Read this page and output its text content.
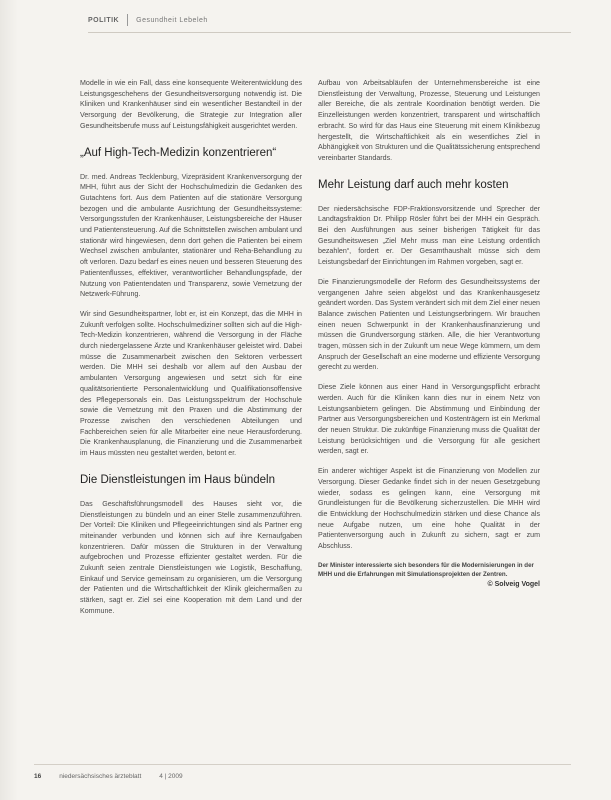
POLITIK Gesundheit Lebeleh

Modelle in wie ein Fall, dass eine konsequente Weiterentwicklung des Leistungsgeschehens der Gesundheitsversorgung notwendig ist. Die Kliniken und Krankenhäuser sind ein wesentlicher Bestandteil in der Versorgung der Bevölkerung, die Strategie zur Integration aller Gesundheitsberufe muss auf Leistungsfähigkeit ausgerichtet werden.

„Auf High-Tech-Medizin konzentrieren“

Dr. med. Andreas Tecklenburg, Vizepräsident Krankenversorgung der MHH, führt aus der Sicht der Hochschulmedizin die Gedanken des Gutachtens fort. Aus dem Patienten auf die stationäre Versorgung bezogen und die ambulante Ausrichtung der Gesundheitssysteme: Versorgungsstufen der Krankenhäuser, Leistungsbereiche der Häuser und Patientensteuerung. Auf die Schnittstellen zwischen ambulant und stationär wird hingewiesen, denn dort gehen die Patienten bei einem Wechsel zwischen ambulanter, stationärer und Reha-Behandlung zu oft verloren. Dazu bedarf es eines neuen und besseren Steuerung des Patientenflusses, effektiver, verantwortlicher Behandlungspfade, der Nutzung von Patientendaten und Transparenz, sowie Vernetzung der Netzwerk-Führung.

Wir sind Gesundheitspartner, lobt er, ist ein Konzept, das die MHH in Zukunft verfolgen sollte. Hochschulmediziner sollten sich auf die High-Tech-Medizin konzentrieren, während die Versorgung in der Fläche durch niedergelassene Ärzte und Krankenhäuser geleistet wird. Dabei müsse die Zusammenarbeit zwischen den Sektoren verbessert werden. Die MHH sei deshalb vor allem auf den Ausbau der ambulanten Versorgung angewiesen und setzt sich für eine qualitätsorientierte Personalentwicklung und Qualifikationsoffensive des Pflegepersonals ein. Das Leistungsspektrum der Hochschule sowie die Vernetzung mit den Praxen und die Abstimmung der Prozesse zwischen den verschiedenen Abteilungen und Fachbereichen seien für alle Mitarbeiter eine neue Herausforderung. Die Krankenhausplanung, die Finanzierung und die Zusammenarbeit im Haus müssten neu gestaltet werden, betont er.

Die Dienstleistungen im Haus bündeln

Das Geschäftsführungsmodell des Hauses sieht vor, die Dienstleistungen zu bündeln und an einer Stelle zusammenzuführen. Der Vorteil: Die Kliniken und Pflegeeinrichtungen sind als Partner eng miteinander verbunden und können sich auf ihre Kernaufgaben konzentrieren. Dafür müssen die Strukturen in der Verwaltung aufgebrochen und Prozesse effizienter gestaltet werden. Für die Zukunft seien zentrale Dienstleistungen wie Logistik, Beschaffung, Einkauf und Service gemeinsam zu organisieren, um die Versorgung der Patienten und die Wirtschaftlichkeit der Klinik gleichermaßen zu stärken, sagt er. Ziel sei eine Kooperation mit dem Land und der Kommune.

Aufbau von Arbeitsabläufen der Unternehmensbereiche ist eine Dienstleistung der Verwaltung, Prozesse, Steuerung und Leistungen aller Bereiche, die als zentrale Koordination benötigt werden. Die Einzelleistungen werden konzentriert, transparent und wirtschaftlich erbracht. So wird für das Haus eine Steuerung mit einem Klinikbezug hergestellt, die Wirtschaftlichkeit als ein wesentliches Ziel in Abhängigkeit von Strukturen und die Qualitätssicherung entsprechend vereinbarter Standards.

Mehr Leistung darf auch mehr kosten

Der niedersächsische FDP-Fraktionsvorsitzende und Sprecher der Landtagsfraktion Dr. Philipp Rösler führt bei der MHH ein Gespräch. Bei den Ausführungen aus seiner bisherigen Tätigkeit für das Gesundheitswesen „Ziel Mehr muss man eine Leistung ordentlich bezahlen“, fordert er. Der Gesamthaushalt müsse sich dem Leistungsbedarf der Einrichtungen im Rahmen vorgeben, sagt er.

Die Finanzierungsmodelle der Reform des Gesundheitssystems der vergangenen Jahre seien abgelöst und das Krankenhausgesetz geändert worden. Das System verändert sich mit dem Ziel einer neuen Balance zwischen Patienten und Leistungserbringern. Wir brauchen einen neuen Schwerpunkt in der Krankenhausfinanzierung und müssen die Grundversorgung stärken. Alle, die hier Verantwortung tragen, müssen sich in der Zukunft um neue Wege kümmern, um dem Anspruch der Gesellschaft an eine moderne und effiziente Versorgung gerecht zu werden.

Diese Ziele können aus einer Hand in Versorgungspflicht erbracht werden. Auch für die Kliniken kann dies nur in einem Netz von Leistungsanbietern gelingen. Die Abstimmung und Einbindung der Partner aus Versorgungsbereichen und Kostenträgern ist ein Merkmal der neuen Struktur. Die zukünftige Finanzierung muss die Qualität der Leistung berücksichtigen und die Versorgung für alle gesichert werden, sagt er.

Ein anderer wichtiger Aspekt ist die Finanzierung von Modellen zur Versorgung. Dieser Gedanke findet sich in der neuen Gesetzgebung wieder, sodass es gelingen kann, eine Versorgung mit Grundleistungen für die Bevölkerung sicherzustellen. Die MHH wird die Entwicklung der Hochschulmedizin stärken und diese Chance als neue Aufgabe nutzen, um eine hohe Qualität in der Patientenversorgung auch in Zukunft zu sichern, sagt er zum Abschluss.

Der Minister interessierte sich besonders für die Modernisierungen in der MHH und die Erfahrungen mit Simulationsprojekten der Zentren.
© Solveig Vogel
16	niedersächsisches ärzteblatt	4 | 2009
